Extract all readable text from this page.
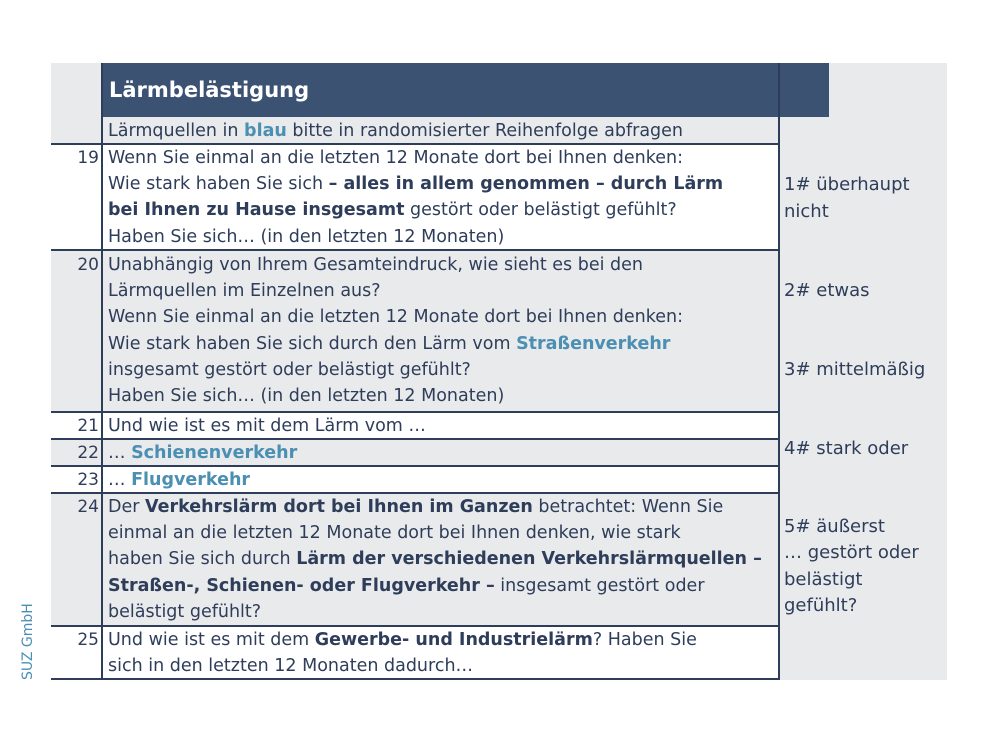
Lärmbelästigung
Lärmquellen in blau bitte in randomisierter Reihenfolge abfragen
19 Wenn Sie einmal an die letzten 12 Monate dort bei Ihnen denken:
Wie stark haben Sie sich – alles in allem genommen – durch Lärm
bei Ihnen zu Hause insgesamt gestört oder belästigt gefühlt?
Haben Sie sich… (in den letzten 12 Monaten)
20 Unabhängig von Ihrem Gesamteindruck, wie sieht es bei den
Lärmquellen im Einzelnen aus?
Wenn Sie einmal an die letzten 12 Monate dort bei Ihnen denken:
Wie stark haben Sie sich durch den Lärm vom Straßenverkehr
insgesamt gestört oder belästigt gefühlt?
Haben Sie sich… (in den letzten 12 Monaten)
21 Und wie ist es mit dem Lärm vom …
22 … Schienenverkehr
23 … Flugverkehr
24 Der Verkehrslärm dort bei Ihnen im Ganzen betrachtet: Wenn Sie
einmal an die letzten 12 Monate dort bei Ihnen denken, wie stark
haben Sie sich durch Lärm der verschiedenen Verkehrslärmquellen –
Straßen-, Schienen- oder Flugverkehr – insgesamt gestört oder
belästigt gefühlt?
25 Und wie ist es mit dem Gewerbe- und Industrielärm? Haben Sie
sich in den letzten 12 Monaten dadurch…

1# überhaupt
nicht

2# etwas

3# mittelmäßig

4# stark oder

5# äußerst
… gestört oder
belästigt
gefühlt?

SUZ GmbH
